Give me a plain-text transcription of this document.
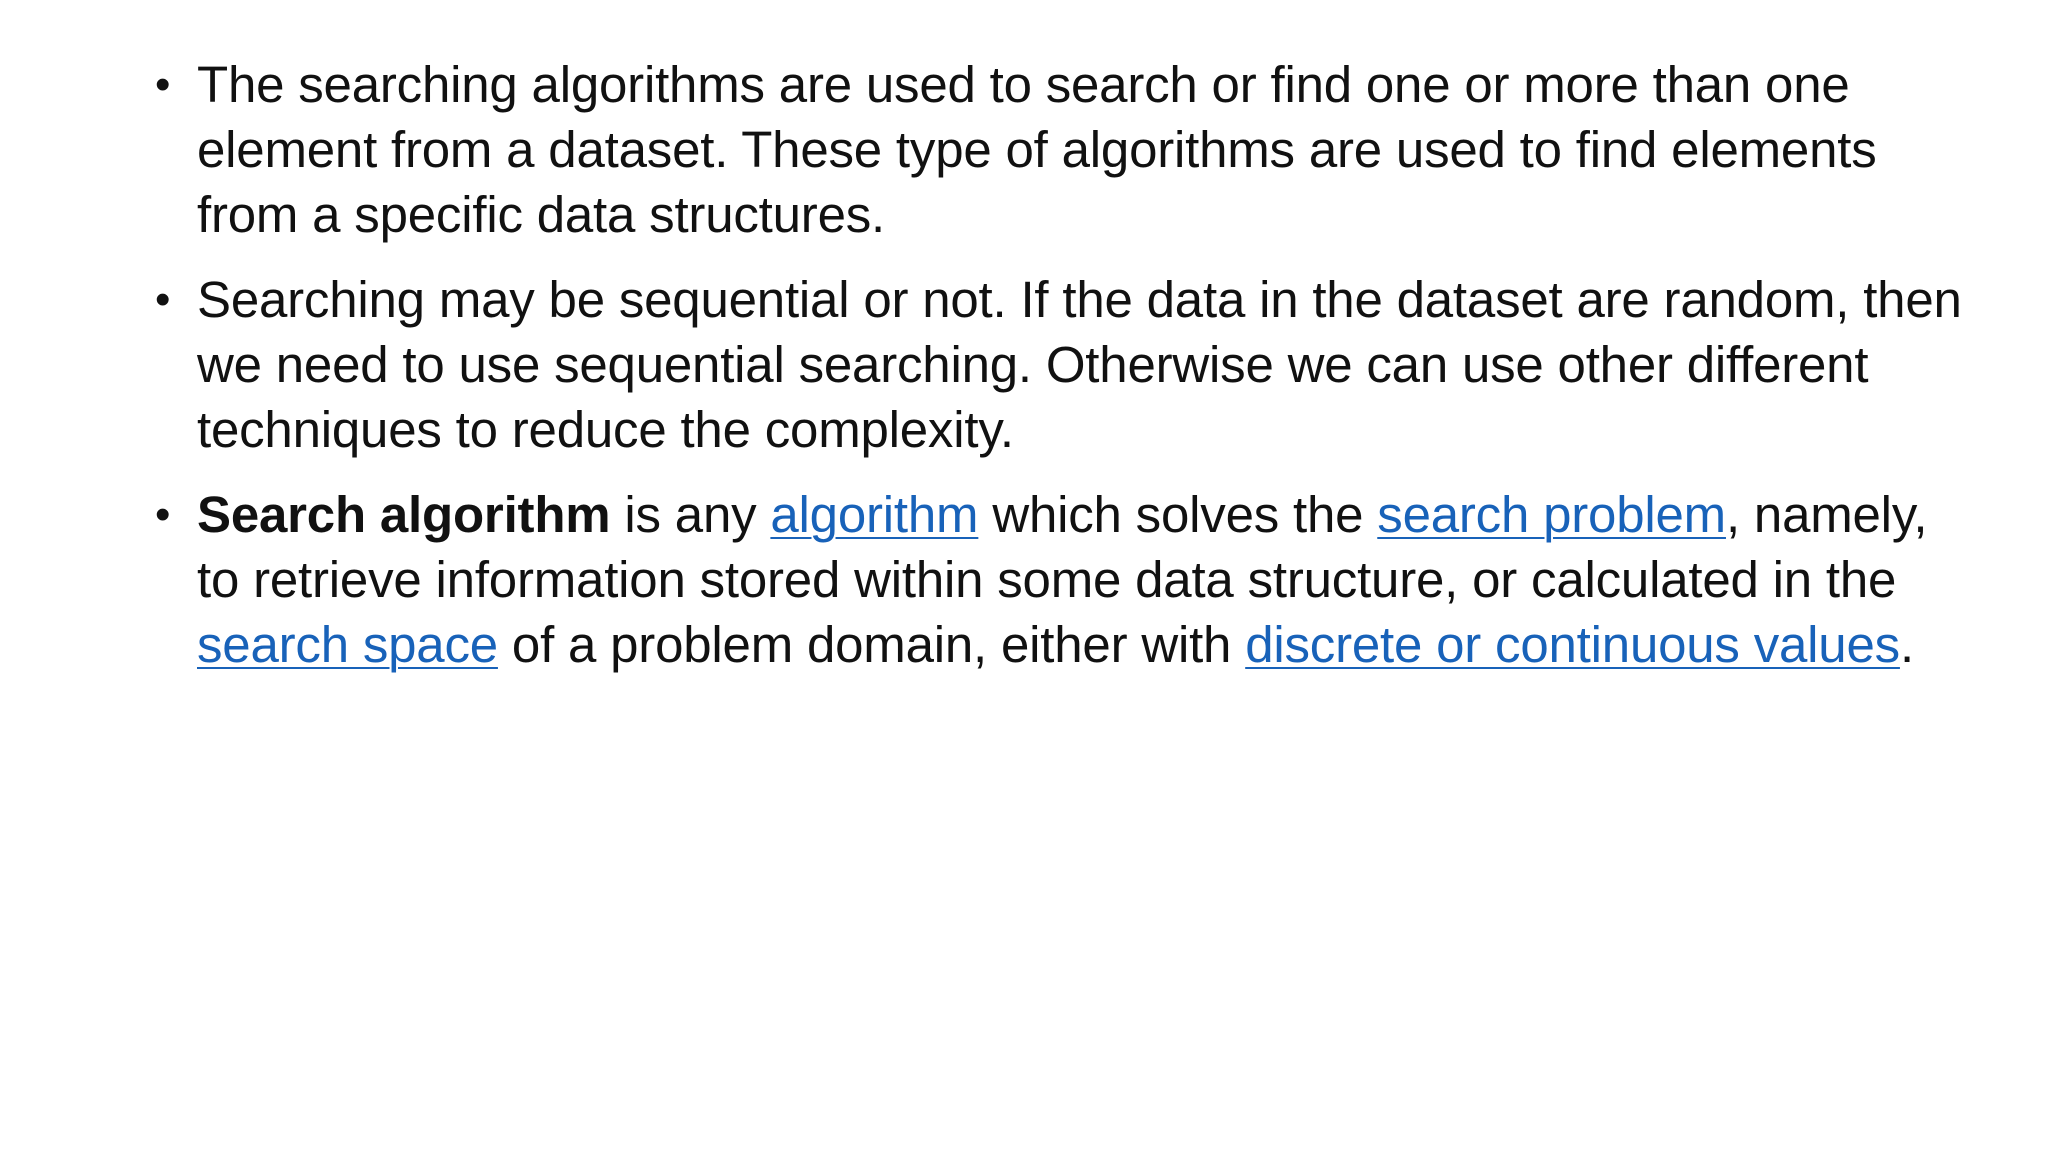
• The searching algorithms are used to search or find one or more than one element from a dataset. These type of algorithms are used to find elements from a specific data structures.
• Searching may be sequential or not. If the data in the dataset are random, then we need to use sequential searching. Otherwise we can use other different techniques to reduce the complexity.
• Search algorithm is any algorithm which solves the search problem, namely, to retrieve information stored within some data structure, or calculated in the search space of a problem domain, either with discrete or continuous values.
